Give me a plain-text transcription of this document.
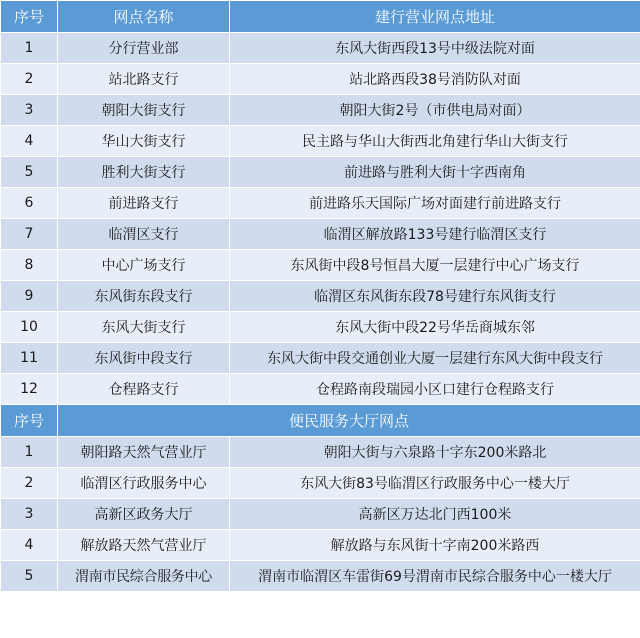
序号	网点名称	建行营业网点地址
1	分行营业部	东风大街西段13号中级法院对面
2	站北路支行	站北路西段38号消防队对面
3	朝阳大街支行	朝阳大街2号（市供电局对面）
4	华山大街支行	民主路与华山大街西北角建行华山大街支行
5	胜利大街支行	前进路与胜利大街十字西南角
6	前进路支行	前进路乐天国际广场对面建行前进路支行
7	临渭区支行	临渭区解放路133号建行临渭区支行
8	中心广场支行	东风街中段8号恒昌大厦一层建行中心广场支行
9	东风街东段支行	临渭区东风街东段78号建行东风街支行
10	东风大街支行	东风大街中段22号华岳商城东邻
11	东风街中段支行	东风大街中段交通创业大厦一层建行东风大街中段支行
12	仓程路支行	仓程路南段瑞园小区口建行仓程路支行
序号	便民服务大厅网点	
1	朝阳路天然气营业厅	朝阳大街与六泉路十字东200米路北
2	临渭区行政服务中心	东风大街83号临渭区行政服务中心一楼大厅
3	高新区政务大厅	高新区万达北门西100米
4	解放路天然气营业厅	解放路与东风街十字南200米路西
5	渭南市民综合服务中心	渭南市临渭区车雷街69号渭南市民综合服务中心一楼大厅
